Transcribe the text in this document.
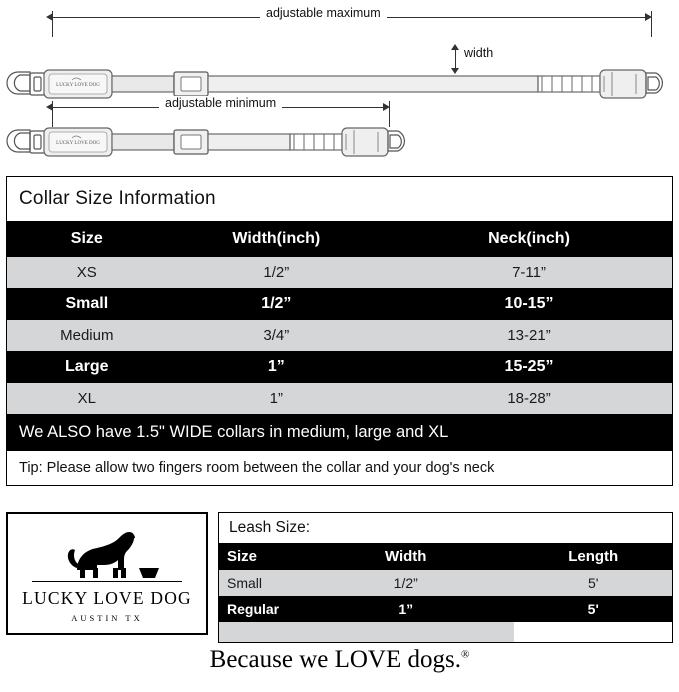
LUCKY LOVE DOG
adjustable maximum
width
adjustable minimum
LUCKY LOVE DOG
Collar Size Information
Size	Width(inch)	Neck(inch)
XS	1/2”	7-11”
Small	1/2”	10-15”
Medium	3/4”	13-21”
Large	1”	15-25”
XL	1”	18-28”
We ALSO have 1.5" WIDE collars in medium, large and XL
Tip: Please allow two fingers room between the collar and your dog's neck
LUCKY LOVE DOG
AUSTIN TX
Leash Size:
Size	Width	Length
Small	1/2”	5'
Regular	1”	5'

Because we LOVE dogs.®
